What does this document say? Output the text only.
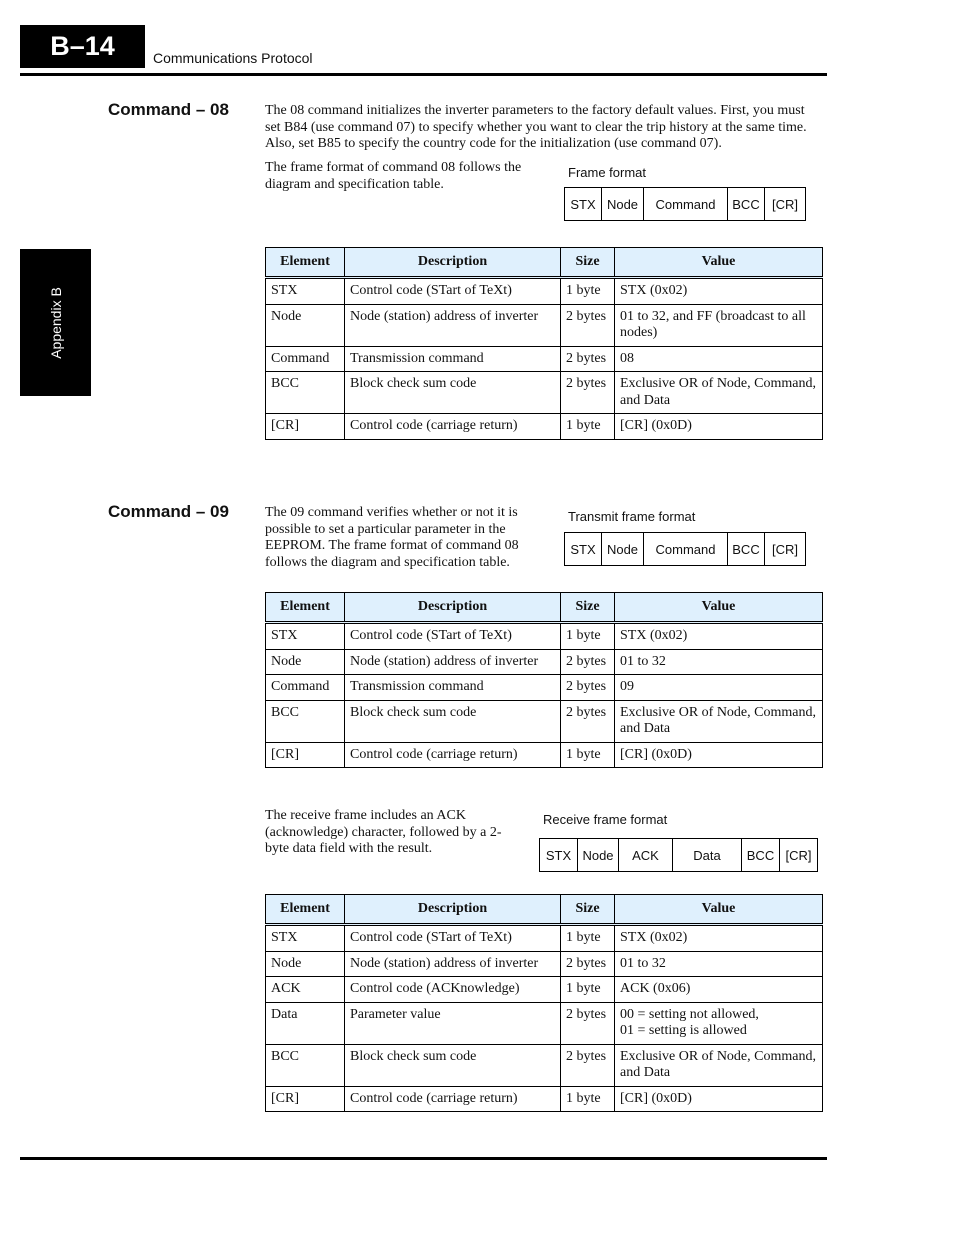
B–14	Communications Protocol
Appendix B
Command – 08	The 08 command initializes the inverter parameters to the factory default values. First, you must set B84 (use command 07) to specify whether you want to clear the trip history at the same time. Also, set B85 to specify the country code for the initialization (use command 07).
The frame format of command 08 follows the diagram and specification table.
Frame format
STX Node	Command	BCC [CR]
Element	Description	Size	Value
STX	Control code (STart of TeXt)	1 byte	STX (0x02)
Node	Node (station) address of inverter	2 bytes	01 to 32, and FF (broadcast to all nodes)
Command	Transmission command	2 bytes	08
BCC	Block check sum code	2 bytes	Exclusive OR of Node, Command, and Data
[CR]	Control code (carriage return)	1 byte	[CR] (0x0D)
Command – 09	The 09 command verifies whether or not it is possible to set a particular parameter in the EEPROM. The frame format of command 08 follows the diagram and specification table.
Transmit frame format
STX Node	Command	BCC [CR]
Element	Description	Size	Value
STX	Control code (STart of TeXt)	1 byte	STX (0x02)
Node	Node (station) address of inverter	2 bytes	01 to 32
Command	Transmission command	2 bytes	09
BCC	Block check sum code	2 bytes	Exclusive OR of Node, Command, and Data
[CR]	Control code (carriage return)	1 byte	[CR] (0x0D)
The receive frame includes an ACK (acknowledge) character, followed by a 2-byte data field with the result.
Receive frame format
STX Node	ACK	Data	BCC [CR]
Element	Description	Size	Value
STX	Control code (STart of TeXt)	1 byte	STX (0x02)
Node	Node (station) address of inverter	2 bytes	01 to 32
ACK	Control code (ACKnowledge)	1 byte	ACK (0x06)
Data	Parameter value	2 bytes	00 = setting not allowed,
01 = setting is allowed
BCC	Block check sum code	2 bytes	Exclusive OR of Node, Command, and Data
[CR]	Control code (carriage return)	1 byte	[CR] (0x0D)
